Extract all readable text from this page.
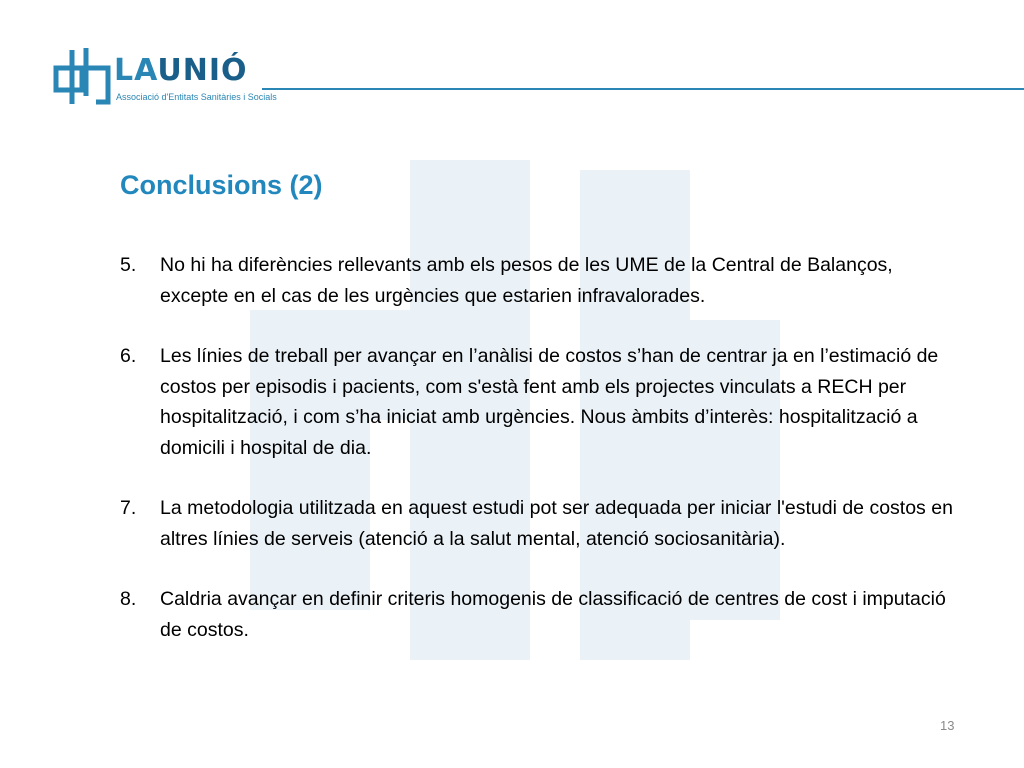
LAUNIÓ
Associació d'Entitats Sanitàries i Socials
Conclusions (2)
5. No hi ha diferències rellevants amb els pesos de les UME de la Central de Balanços, excepte en el cas de les urgències que estarien infravalorades.
6. Les línies de treball per avançar en l’anàlisi de costos s’han de centrar ja en l’estimació de costos per episodis i pacients, com s'està fent amb els projectes vinculats a RECH per hospitalització, i com s’ha iniciat amb urgències. Nous àmbits d’interès: hospitalització a domicili i hospital de dia.
7. La metodologia utilitzada en aquest estudi pot ser adequada per iniciar l'estudi de costos en altres línies de serveis (atenció a la salut mental, atenció sociosanitària).
8. Caldria avançar en definir criteris homogenis de classificació de centres de cost i imputació de costos.
13
